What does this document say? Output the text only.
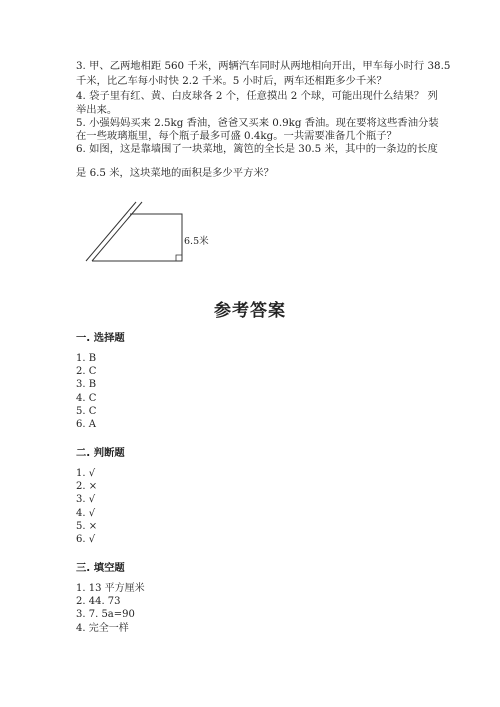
3. 甲、乙两地相距 560 千米，两辆汽车同时从两地相向开出，甲车每小时行 38.5
千米，比乙车每小时快 2.2 千米。5 小时后，两车还相距多少千米？
4. 袋子里有红、黄、白皮球各 2 个，任意摸出 2 个球，可能出现什么结果？ 列
举出来。
5. 小强妈妈买来 2.5kg 香油，爸爸又买来 0.9kg 香油。现在要将这些香油分装
在一些玻璃瓶里，每个瓶子最多可盛 0.4kg。一共需要准备几个瓶子？
6. 如图，这是靠墙围了一块菜地，篱笆的全长是 30.5 米，其中的一条边的长度
是 6.5 米，这块菜地的面积是多少平方米？
6.5米
参考答案
一. 选择题
1. B
2. C
3. B
4. C
5. C
6. A
二. 判断题
1. √
2. ×
3. √
4. √
5. ×
6. √
三. 填空题
1. 13 平方厘米
2. 44. 73
3. 7. 5a=90
4. 完全一样
